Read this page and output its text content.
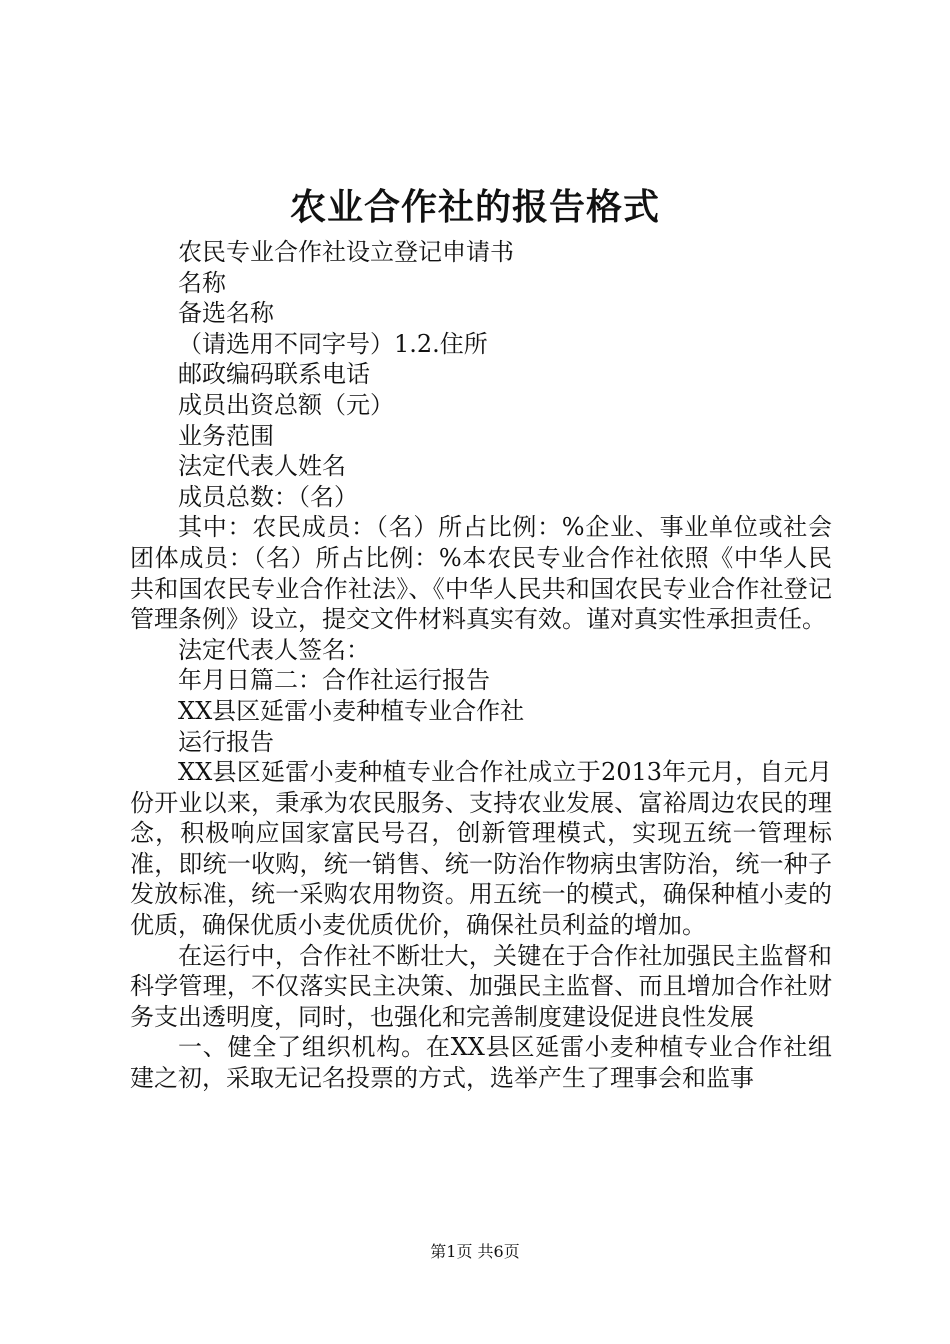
农业合作社的报告格式

农民专业合作社设立登记申请书

名称

备选名称

（请选用不同字号）1.2.住所

邮政编码联系电话

成员出资总额（元）

业务范围

法定代表人姓名

成员总数：（名）

其中：农民成员：（名）所占比例：%企业、事业单位或社会团体成员：（名）所占比例：%本农民专业合作社依照《中华人民共和国农民专业合作社法》、《中华人民共和国农民专业合作社登记管理条例》设立，提交文件材料真实有效。谨对真实性承担责任。

法定代表人签名：

年月日篇二：合作社运行报告

XX县区延雷小麦种植专业合作社

运行报告

XX县区延雷小麦种植专业合作社成立于2013年元月，自元月份开业以来，秉承为农民服务、支持农业发展、富裕周边农民的理念，积极响应国家富民号召，创新管理模式，实现五统一管理标准，即统一收购，统一销售、统一防治作物病虫害防治，统一种子发放标准，统一采购农用物资。用五统一的模式，确保种植小麦的优质，确保优质小麦优质优价，确保社员利益的增加。

在运行中，合作社不断壮大，关键在于合作社加强民主监督和科学管理，不仅落实民主决策、加强民主监督、而且增加合作社财务支出透明度，同时，也强化和完善制度建设促进良性发展

一、健全了组织机构。在XX县区延雷小麦种植专业合作社组建之初，采取无记名投票的方式，选举产生了理事会和监事

第1页 共6页
